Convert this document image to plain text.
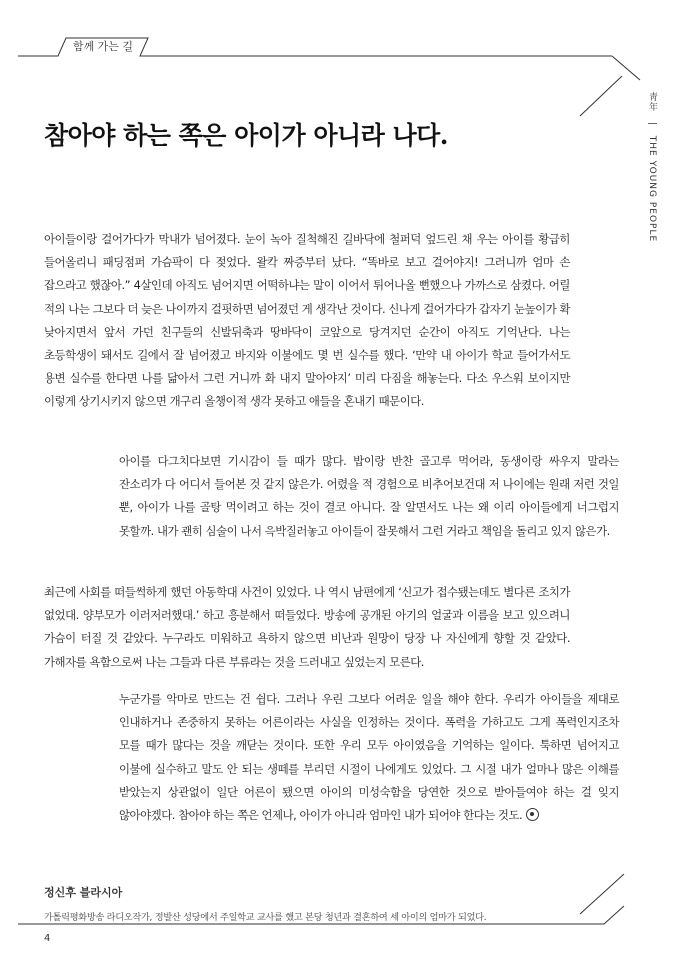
함께 가는 길
靑年 | THE YOUNG PEOPLE
참아야 하는 쪽은 아이가 아니라 나다.

아이들이랑 걸어가다가 막내가 넘어졌다. 눈이 녹아 질척해진 길바닥에 철퍼덕 엎드린 채 우는 아이를 황급히 들어올리니 패딩점퍼 가슴팍이 다 젖었다. 왈칵 짜증부터 났다. “똑바로 보고 걸어야지! 그러니까 엄마 손 잡으라고 했잖아.” 4살인데 아직도 넘어지면 어떡하냐는 말이 이어서 튀어나올 뻔했으나 가까스로 삼켰다. 어릴 적의 나는 그보다 더 늦은 나이까지 걸핏하면 넘어졌던 게 생각난 것이다. 신나게 걸어가다가 갑자기 눈높이가 확 낮아지면서 앞서 가던 친구들의 신발뒤축과 땅바닥이 코앞으로 당겨지던 순간이 아직도 기억난다. 나는 초등학생이 돼서도 길에서 잘 넘어졌고 바지와 이불에도 몇 번 실수를 했다. ‘만약 내 아이가 학교 들어가서도 용변 실수를 한다면 나를 닮아서 그런 거니까 화 내지 말아야지’ 미리 다짐을 해놓는다. 다소 우스워 보이지만 이렇게 상기시키지 않으면 개구리 올챙이적 생각 못하고 애들을 혼내기 때문이다.

아이를 다그치다보면 기시감이 들 때가 많다. 밥이랑 반찬 골고루 먹어라, 동생이랑 싸우지 말라는 잔소리가 다 어디서 들어본 것 같지 않은가. 어렸을 적 경험으로 비추어보건대 저 나이에는 원래 저런 것일 뿐, 아이가 나를 골탕 먹이려고 하는 것이 결코 아니다. 잘 알면서도 나는 왜 이리 아이들에게 너그럽지 못할까. 내가 괜히 심술이 나서 윽박질러놓고 아이들이 잘못해서 그런 거라고 책임을 돌리고 있지 않은가.

최근에 사회를 떠들썩하게 했던 아동학대 사건이 있었다. 나 역시 남편에게 ‘신고가 접수됐는데도 별다른 조치가 없었대. 양부모가 이러저러했대.’ 하고 흥분해서 떠들었다. 방송에 공개된 아기의 얼굴과 이름을 보고 있으려니 가슴이 터질 것 같았다. 누구라도 미워하고 욕하지 않으면 비난과 원망이 당장 나 자신에게 향할 것 같았다. 가해자를 욕함으로써 나는 그들과 다른 부류라는 것을 드러내고 싶었는지 모른다.

누군가를 악마로 만드는 건 쉽다. 그러나 우린 그보다 어려운 일을 해야 한다. 우리가 아이들을 제대로 인내하거나 존중하지 못하는 어른이라는 사실을 인정하는 것이다. 폭력을 가하고도 그게 폭력인지조차 모를 때가 많다는 것을 깨닫는 것이다. 또한 우리 모두 아이였음을 기억하는 일이다. 툭하면 넘어지고 이불에 실수하고 말도 안 되는 생떼를 부리던 시절이 나에게도 있었다. 그 시절 내가 얼마나 많은 이해를 받았는지 상관없이 일단 어른이 됐으면 아이의 미성숙함을 당연한 것으로 받아들여야 하는 걸 잊지 않아야겠다. 참아야 하는 쪽은 언제나, 아이가 아니라 엄마인 내가 되어야 한다는 것도.

정신후 블라시아
가톨릭평화방송 라디오작가, 정발산 성당에서 주일학교 교사를 했고 본당 청년과 결혼하여 세 아이의 엄마가 되었다.
4
